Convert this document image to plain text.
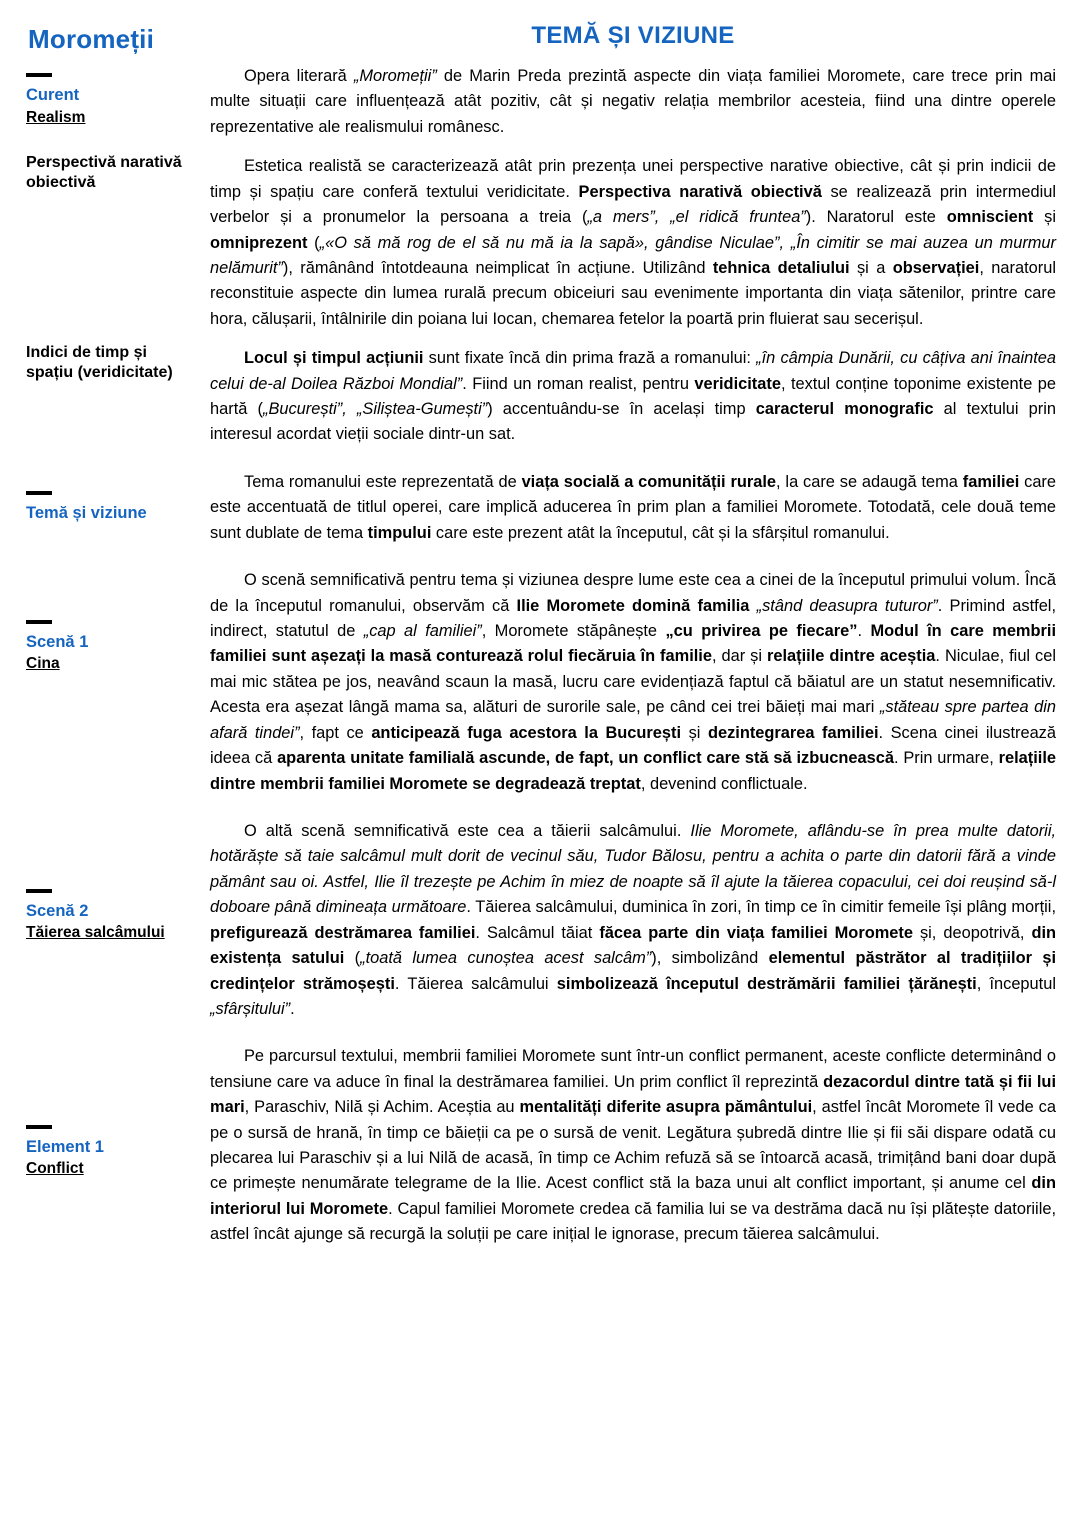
Moromeții
Curent
Realism
Perspectivă narativă obiectivă
Indici de timp și spațiu (veridicitate)
Temă și viziune
Scenă 1
Cina
Scenă 2
Tăierea salcâmului
Element 1
Conflict
TEMĂ ȘI VIZIUNE

Opera literară „Moromeții” de Marin Preda prezintă aspecte din viața familiei Moromete, care trece prin mai multe situații care influențează atât pozitiv, cât și negativ relația membrilor acesteia, fiind una dintre operele reprezentative ale realismului românesc.

Estetica realistă se caracterizează atât prin prezența unei perspective narative obiective, cât și prin indicii de timp și spațiu care conferă textului veridicitate. Perspectiva narativă obiectivă se realizează prin intermediul verbelor și a pronumelor la persoana a treia („a mers”, „el ridică fruntea”). Naratorul este omniscient și omniprezent („«O să mă rog de el să nu mă ia la sapă», gândise Niculae”, „În cimitir se mai auzea un murmur nelămurit”), rămânând întotdeauna neimplicat în acțiune. Utilizând tehnica detaliului și a observației, naratorul reconstituie aspecte din lumea rurală precum obiceiuri sau evenimente importanta din viața sătenilor, printre care hora, călușarii, întâlnirile din poiana lui Iocan, chemarea fetelor la poartă prin fluierat sau secerișul.

Locul și timpul acțiunii sunt fixate încă din prima frază a romanului: „în câmpia Dunării, cu câțiva ani înaintea celui de-al Doilea Război Mondial”. Fiind un roman realist, pentru veridicitate, textul conține toponime existente pe hartă („București”, „Siliștea-Gumești”) accentuându-se în același timp caracterul monografic al textului prin interesul acordat vieții sociale dintr-un sat.

Tema romanului este reprezentată de viața socială a comunității rurale, la care se adaugă tema familiei care este accentuată de titlul operei, care implică aducerea în prim plan a familiei Moromete. Totodată, cele două teme sunt dublate de tema timpului care este prezent atât la începutul, cât și la sfârșitul romanului.

O scenă semnificativă pentru tema și viziunea despre lume este cea a cinei de la începutul primului volum. Încă de la începutul romanului, observăm că Ilie Moromete domină familia „stând deasupra tuturor”. Primind astfel, indirect, statutul de „cap al familiei”, Moromete stăpânește „cu privirea pe fiecare”. Modul în care membrii familiei sunt așezați la masă conturează rolul fiecăruia în familie, dar și relațiile dintre aceștia. Niculae, fiul cel mai mic stătea pe jos, neavând scaun la masă, lucru care evidențiază faptul că băiatul are un statut nesemnificativ. Acesta era așezat lângă mama sa, alături de surorile sale, pe când cei trei băieți mai mari „stăteau spre partea din afară tindei”, fapt ce anticipează fuga acestora la București și dezintegrarea familiei. Scena cinei ilustrează ideea că aparenta unitate familială ascunde, de fapt, un conflict care stă să izbucnească. Prin urmare, relațiile dintre membrii familiei Moromete se degradează treptat, devenind conflictuale.

O altă scenă semnificativă este cea a tăierii salcâmului. Ilie Moromete, aflându-se în prea multe datorii, hotărăște să taie salcâmul mult dorit de vecinul său, Tudor Bălosu, pentru a achita o parte din datorii fără a vinde pământ sau oi. Astfel, Ilie îl trezește pe Achim în miez de noapte să îl ajute la tăierea copacului, cei doi reușind să-l doboare până dimineața următoare. Tăierea salcâmului, duminica în zori, în timp ce în cimitir femeile își plâng morții, prefigurează destrămarea familiei. Salcâmul tăiat făcea parte din viața familiei Moromete și, deopotrivă, din existența satului („toată lumea cunoștea acest salcâm”), simbolizând elementul păstrător al tradițiilor și credințelor strămoșești. Tăierea salcâmului simbolizează începutul destrămării familiei țărănești, începutul „sfârșitului”.

Pe parcursul textului, membrii familiei Moromete sunt într-un conflict permanent, aceste conflicte determinând o tensiune care va aduce în final la destrămarea familiei. Un prim conflict îl reprezintă dezacordul dintre tată și fii lui mari, Paraschiv, Nilă și Achim. Aceștia au mentalități diferite asupra pământului, astfel încât Moromete îl vede ca pe o sursă de hrană, în timp ce băieții ca pe o sursă de venit. Legătura șubredă dintre Ilie și fii săi dispare odată cu plecarea lui Paraschiv și a lui Nilă de acasă, în timp ce Achim refuză să se întoarcă acasă, trimițând bani doar după ce primește nenumărate telegrame de la Ilie. Acest conflict stă la baza unui alt conflict important, și anume cel din interiorul lui Moromete. Capul familiei Moromete credea că familia lui se va destrăma dacă nu își plătește datoriile, astfel încât ajunge să recurgă la soluții pe care inițial le ignorase, precum tăierea salcâmului.
